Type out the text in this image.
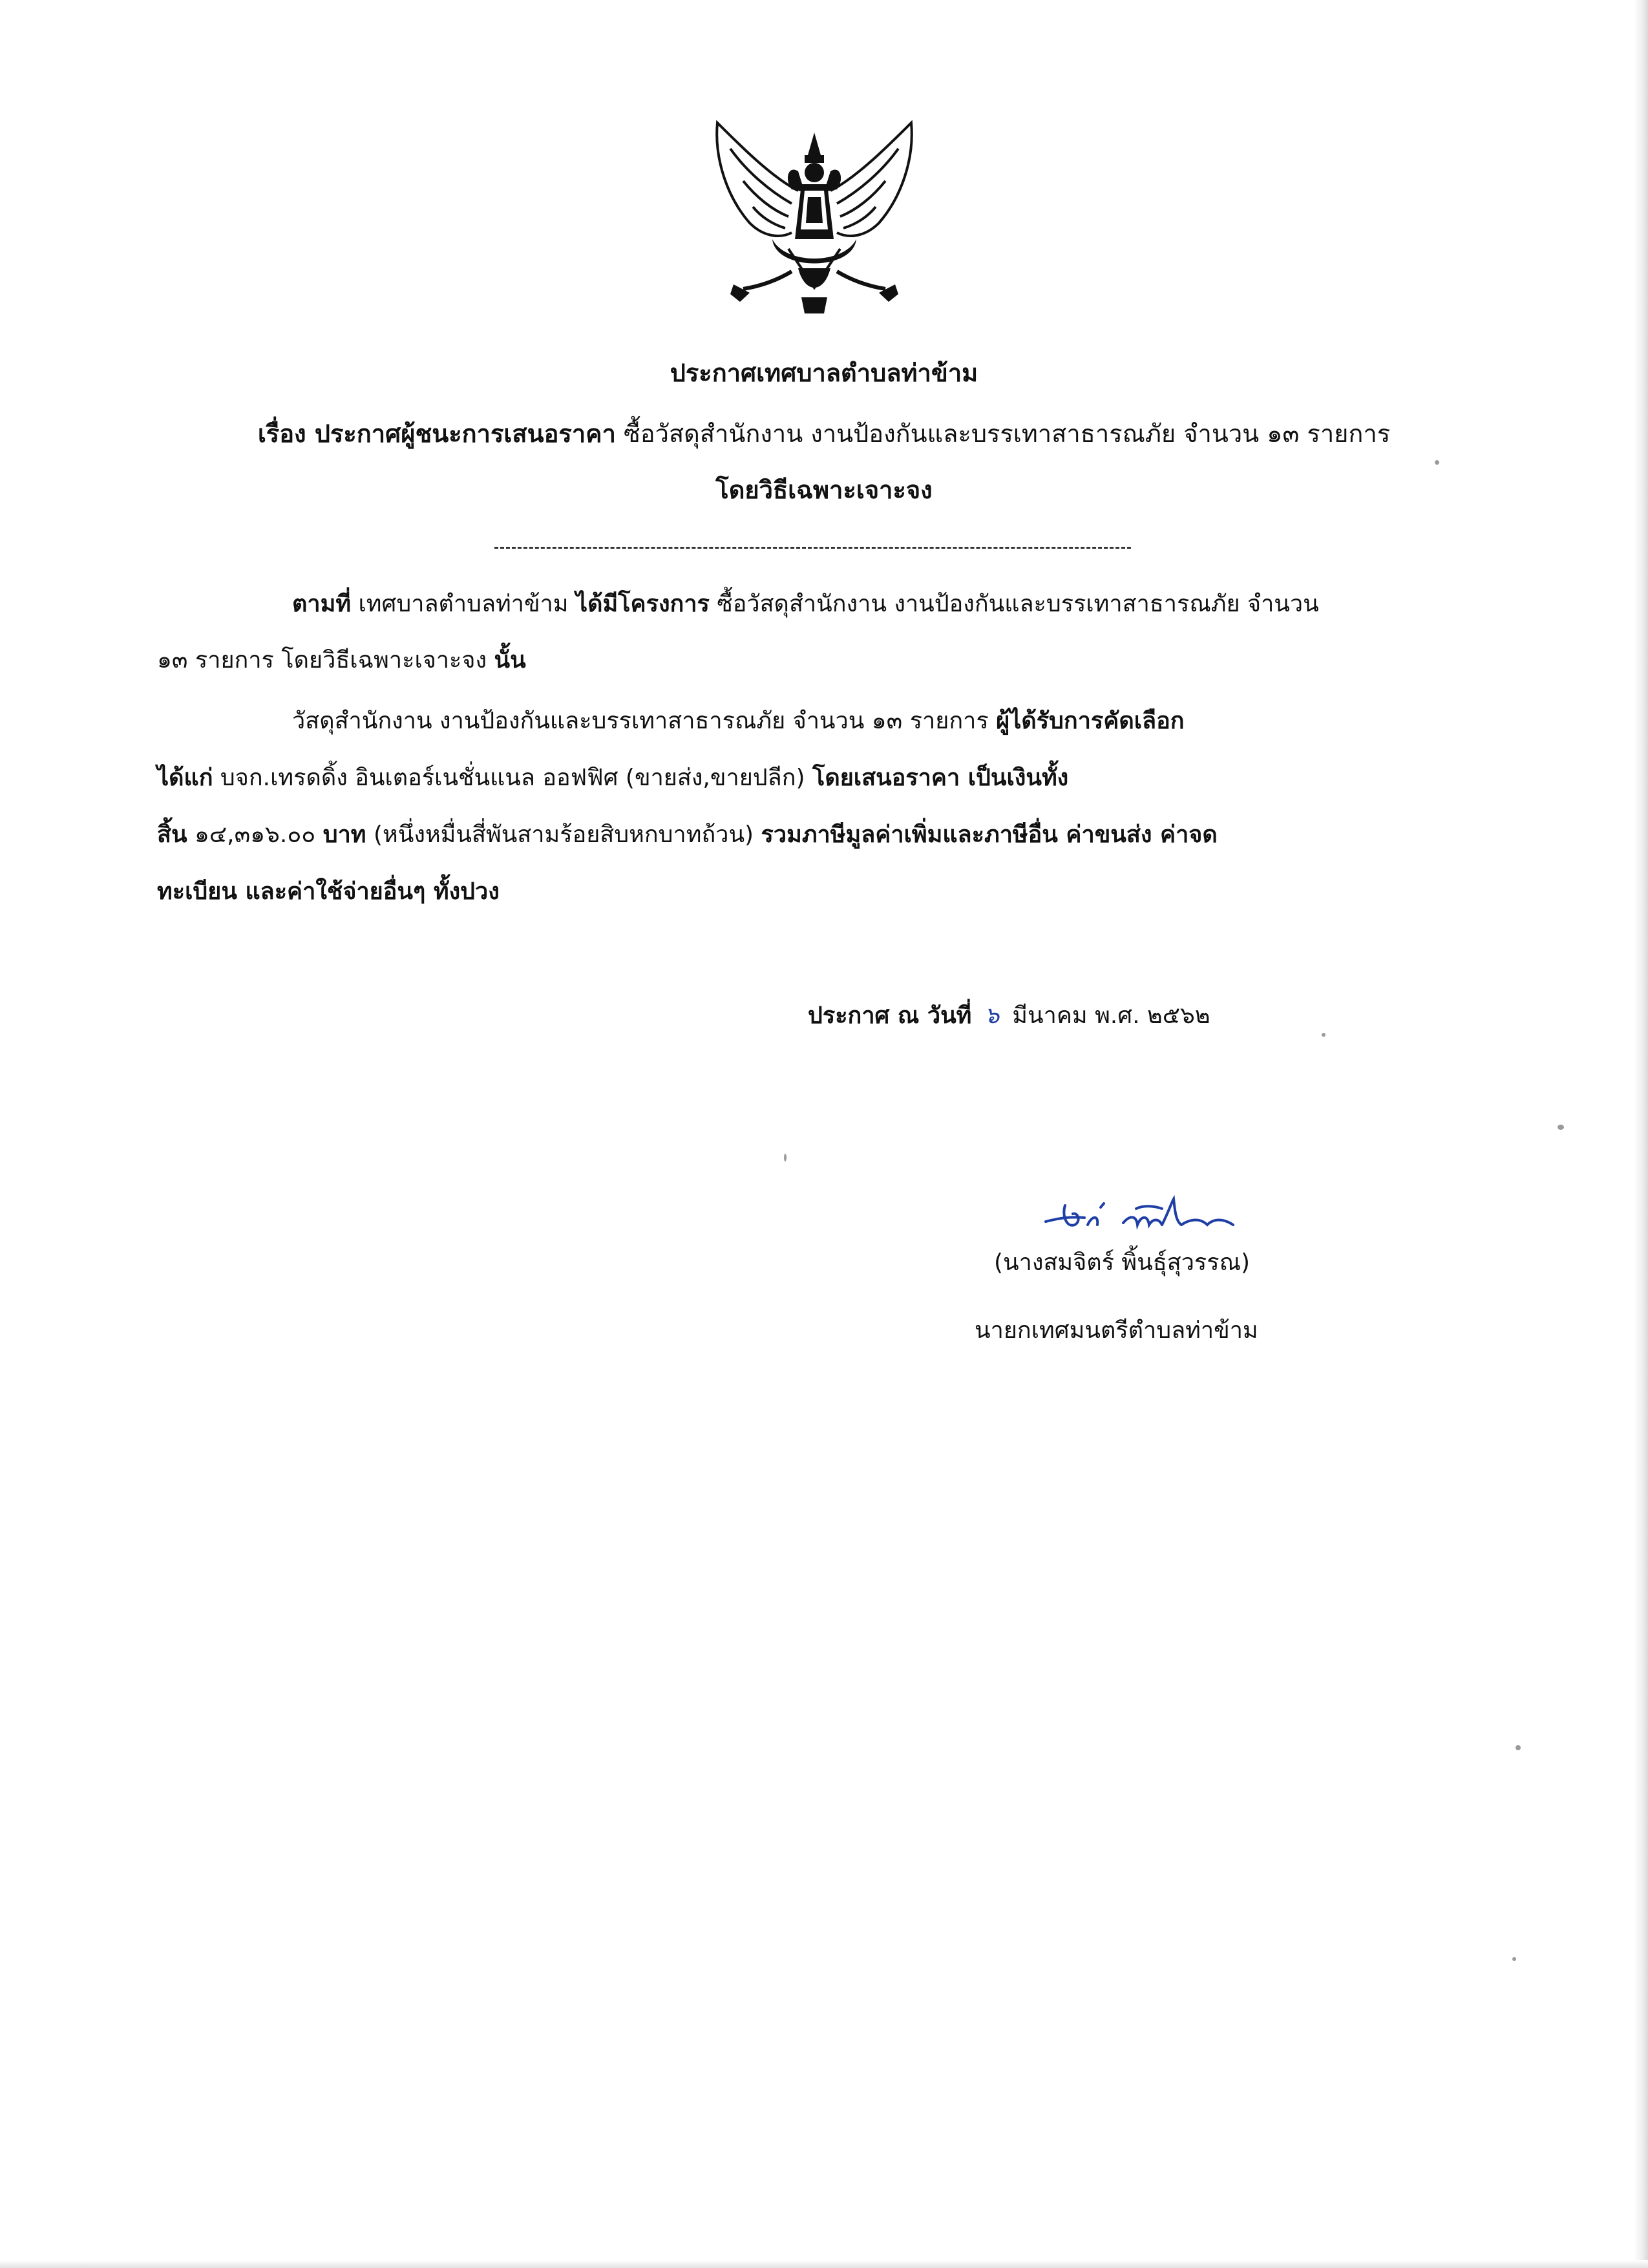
ประกาศเทศบาลตำบลท่าข้าม
เรื่อง ประกาศผู้ชนะการเสนอราคา ซื้อวัสดุสำนักงาน งานป้องกันและบรรเทาสาธารณภัย จำนวน ๑๓ รายการ
โดยวิธีเฉพาะเจาะจง
ตามที่ เทศบาลตำบลท่าข้าม ได้มีโครงการ ซื้อวัสดุสำนักงาน งานป้องกันและบรรเทาสาธารณภัย จำนวน
๑๓ รายการ โดยวิธีเฉพาะเจาะจง นั้น
วัสดุสำนักงาน งานป้องกันและบรรเทาสาธารณภัย จำนวน ๑๓ รายการ ผู้ได้รับการคัดเลือก
ได้แก่ บจก.เทรดดิ้ง อินเตอร์เนชั่นแนล ออฟฟิศ (ขายส่ง,ขายปลีก) โดยเสนอราคา เป็นเงินทั้ง
สิ้น ๑๔,๓๑๖.๐๐ บาท (หนึ่งหมื่นสี่พันสามร้อยสิบหกบาทถ้วน) รวมภาษีมูลค่าเพิ่มและภาษีอื่น ค่าขนส่ง ค่าจด
ทะเบียน และค่าใช้จ่ายอื่นๆ ทั้งปวง
ประกาศ ณ วันที่ ๖ มีนาคม พ.ศ. ๒๕๖๒
(นางสมจิตร์ พิ้นธุ์สุวรรณ)
นายกเทศมนตรีตำบลท่าข้าม
